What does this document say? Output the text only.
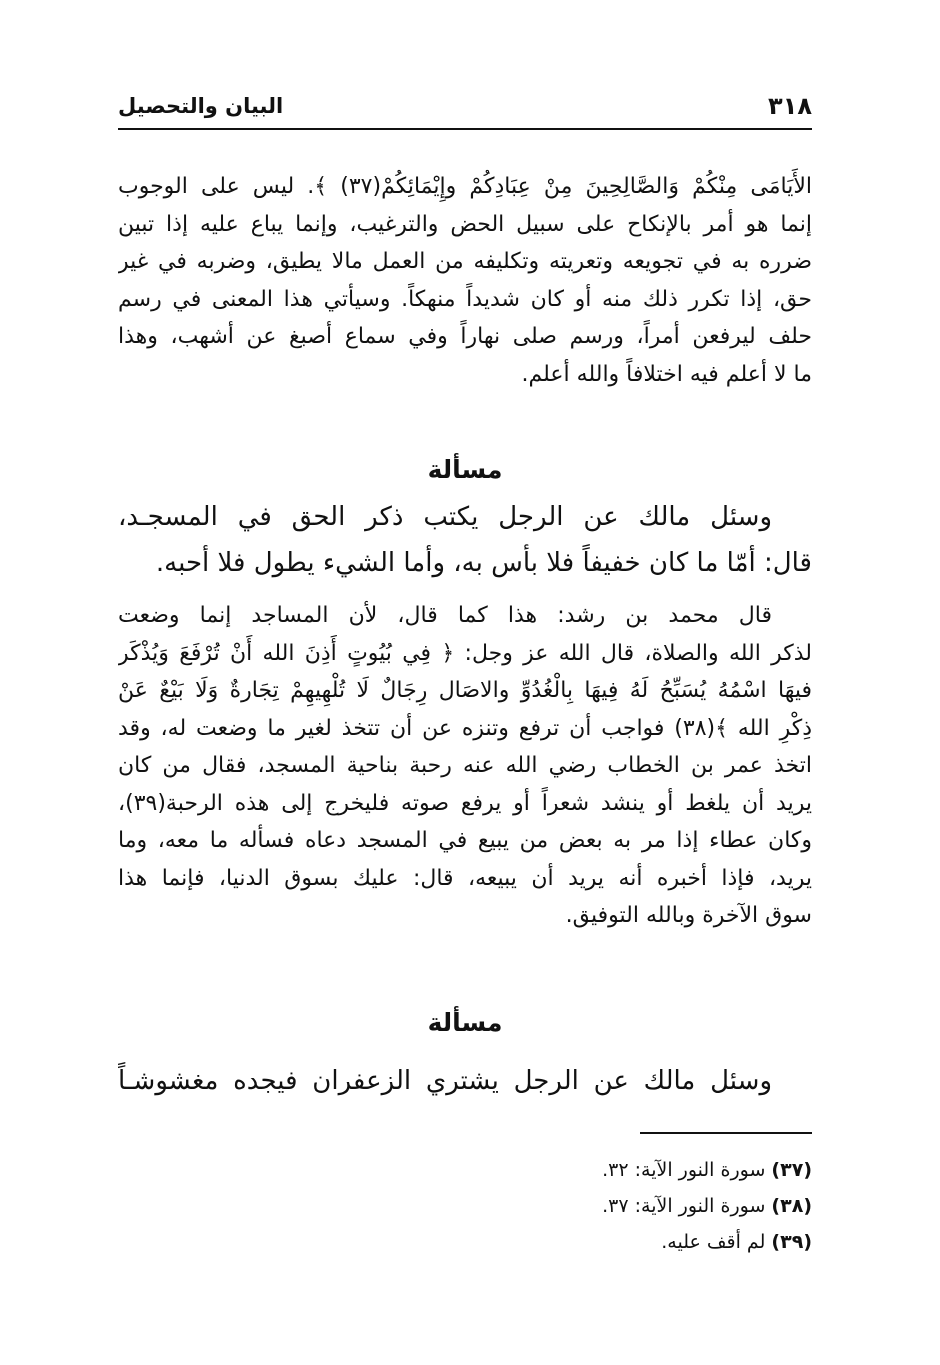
٣١٨
البيان والتحصيل
الأَيَامَى مِنْكُمْ وَالصَّالِحِينَ مِنْ عِبَادِكُمْ وإِيْمَائِكُمْ(٣٧) ﴾. ليس على الوجوب
إنما هو أمر بالإنكاح على سبيل الحض والترغيب، وإنما يباع عليه إذا تبين
ضرره به في تجويعه وتعريته وتكليفه من العمل مالا يطيق، وضربه في غير
حق، إذا تكرر ذلك منه أو كان شديداً منهكاً. وسيأتي هذا المعنى في رسم
حلف ليرفعن أمراً، ورسم صلى نهاراً وفي سماع أصبغ عن أشهب، وهذا
ما لا أعلم فيه اختلافاً والله أعلم.
مسألة
وسئل مالك عن الرجل يكتب ذكر الحق في المسجـد،
قال: أمّا ما كان خفيفاً فلا بأس به، وأما الشيء يطول فلا أحبه.
قال محمد بن رشد: هذا كما قال، لأن المساجد إنما وضعت
لذكر الله والصلاة، قال الله عز وجل: ﴿ فِي بُيُوتٍ أَذِنَ الله أَنْ تُرْفَعَ وَيُذْكَر
فيهَا اسْمُهُ يُسَبِّحُ لَهُ فِيهَا بِالْغُدُوِّ والاصَال رِجَالٌ لَا تُلْهِيهِمْ تِجَارةٌ وَلَا بَيْعٌ عَنْ
ذِكْرِ الله ﴾(٣٨) فواجب أن ترفع وتنزه عن أن تتخذ لغير ما وضعت له، وقد
اتخذ عمر بن الخطاب رضي الله عنه رحبة بناحية المسجد، فقال من كان
يريد أن يلغط أو ينشد شعراً أو يرفع صوته فليخرج إلى هذه الرحبة(٣٩)،
وكان عطاء إذا مر به بعض من يبيع في المسجد دعاه فسأله ما معه، وما
يريد، فإذا أخبره أنه يريد أن يبيعه، قال: عليك بسوق الدنيا، فإنما هذا
سوق الآخرة وبالله التوفيق.
مسألة
وسئل مالك عن الرجل يشتري الزعفران فيجده مغشوشـاً
(٣٧) سورة النور الآية: ٣٢.
(٣٨) سورة النور الآية: ٣٧.
(٣٩) لم أقف عليه.
